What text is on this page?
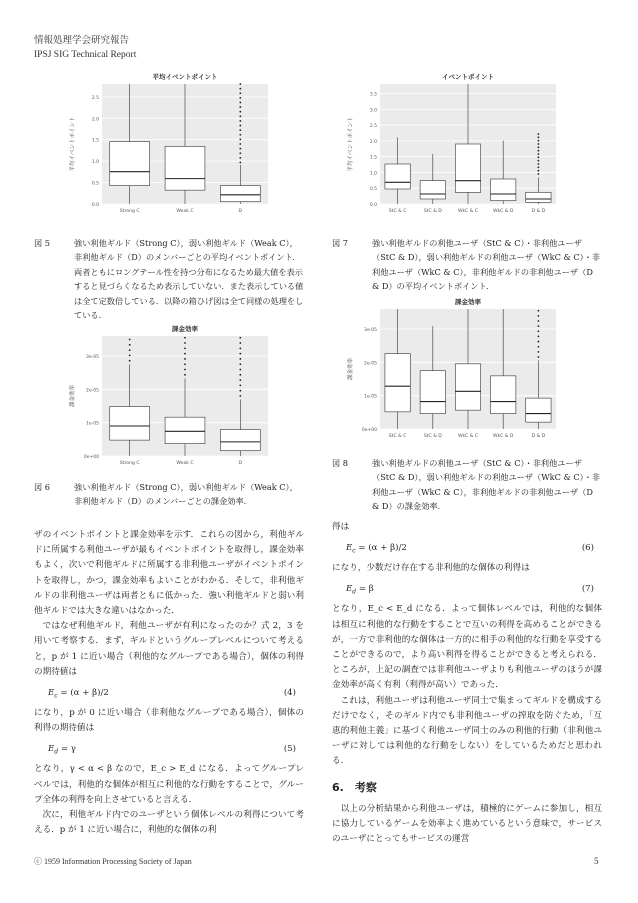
情報処理学会研究報告
IPSJ SIG Technical Report
平均イベントポイント
0.0
0.5
1.0
1.5
2.0
2.5
平均イベントポイント
Strong C	Weak C	D
図 5	強い利他ギルド（Strong C），弱い利他ギルド（Weak C），非利他ギルド（D）のメンバーごとの平均イベントポイント．両者ともにロングテール性を持つ分布になるため最大値を表示すると見づらくなるため表示していない．また表示している値は全て定数倍している．以降の箱ひげ図は全て同様の処理をしている．
課金効率
0e+00
1e-05
2e-05
3e-05
課金効率
Strong C	Weak C	D
図 6	強い利他ギルド（Strong C），弱い利他ギルド（Weak C），非利他ギルド（D）のメンバーごとの課金効率．
イベントポイント
0.0
0.5
1.0
1.5
2.0
2.5
3.0
3.5
平均イベントポイント
StC & C	StC & D	WkC & C	WkC & D	D & D
図 7	強い利他ギルドの利他ユーザ（StC & C）・非利他ユーザ（StC & D），弱い利他ギルドの利他ユーザ（WkC & C）・非利他ユーザ（WkC & C），非利他ギルドの非利他ユーザ（D & D）の平均イベントポイント．
課金効率
0e+00
1e-05
2e-05
3e-05
課金効率
StC & C	StC & D	WkC & C	WkC & D	D & D
図 8	強い利他ギルドの利他ユーザ（StC & C）・非利他ユーザ（StC & D），弱い利他ギルドの利他ユーザ（WkC & C）・非利他ユーザ（WkC & C），非利他ギルドの非利他ユーザ（D & D）の課金効率．

ザのイベントポイントと課金効率を示す．これらの図から，利他ギルドに所属する利他ユーザが最もイベントポイントを取得し，課金効率もよく，次いで利他ギルドに所属する非利他ユーザがイベントポイントを取得し，かつ，課金効率もよいことがわかる．そして，非利他ギルドの非利他ユーザは両者ともに低かった．強い利他ギルドと弱い利他ギルドでは大きな違いはなかった．

ではなぜ利他ギルド，利他ユーザが有利になったのか？式 2，3 を用いて考察する．まず，ギルドというグループレベルについて考えると，p が 1 に近い場合（利他的なグループである場合），個体の利得の期待値は

$E_c = (\alpha + \beta)/2$	(4)

になり，p が 0 に近い場合（非利他なグループである場合），個体の利得の期待値は

$E_d = \gamma$	(5)

となり，γ < α < β なので，E_c > E_d になる．よってグループレベルでは，利他的な個体が相互に利他的な行動をすることで，グループ全体の利得を向上させていると言える．

次に，利他ギルド内でのユーザという個体レベルの利得について考える．p が 1 に近い場合に，利他的な個体の利

得は

$E_c = (\alpha + \beta)/2$	(6)

になり，少数だけ存在する非利他的な個体の利得は

$E_d = \beta$	(7)

となり，E_c < E_d になる．よって個体レベルでは，利他的な個体は相互に利他的な行動をすることで互いの利得を高めることができるが，一方で非利他的な個体は一方的に相手の利他的な行動を享受することができるので，より高い利得を得ることができると考えられる．ところが，上記の調査では非利他ユーザよりも利他ユーザのほうが課金効率が高く有利（利得が高い）であった．

これは，利他ユーザは利他ユーザ同士で集まってギルドを構成するだけでなく，そのギルド内でも非利他ユーザの搾取を防ぐため，「互恵的利他主義」に基づく利他ユーザ同士のみの利他的行動（非利他ユーザに対しては利他的な行動をしない）をしているためだと思われる．

6.　考察

以上の分析結果から利他ユーザは，積極的にゲームに参加し，相互に協力しているゲームを効率よく進めているという意味で，サービスのユーザにとってもサービスの運営

ⓒ 1959 Information Processing Society of Japan	5
